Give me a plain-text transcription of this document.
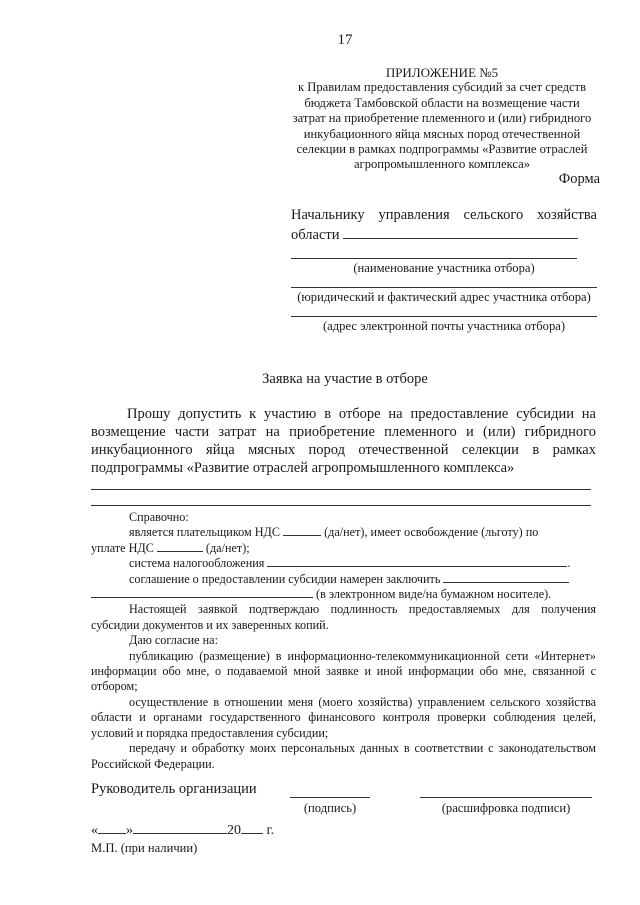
17
ПРИЛОЖЕНИЕ №5
к Правилам предоставления субсидий за счет средств
бюджета Тамбовской области на возмещение части
затрат на приобретение племенного и (или) гибридного
инкубационного яйца мясных пород отечественной
селекции в рамках подпрограммы «Развитие отраслей
агропромышленного комплекса»
Форма
Начальнику управления сельского хозяйства
области
(наименование участника отбора)
(юридический и фактический адрес участника отбора)
(адрес электронной почты участника отбора)
Заявка на участие в отборе
Прошу допустить к участию в отборе на предоставление субсидии на возмещение части затрат на приобретение племенного и (или) гибридного инкубационного яйца мясных пород отечественной селекции в рамках подпрограммы «Развитие отраслей агропромышленного комплекса»
Справочно:
является плательщиком НДС	(да/нет), имеет освобождение (льготу) по
уплате НДС	(да/нет);
система налогообложения	.
соглашение о предоставлении субсидии намерен заключить
(в электронном виде/на бумажном носителе).
Настоящей заявкой подтверждаю подлинность предоставляемых для получения субсидии документов и их заверенных копий.
Даю согласие на:
публикацию (размещение) в информационно-телекоммуникационной сети «Интернет» информации обо мне, о подаваемой мной заявке и иной информации обо мне, связанной с отбором;
осуществление в отношении меня (моего хозяйства) управлением сельского хозяйства области и органами государственного финансового контроля проверки соблюдения целей, условий и порядка предоставления субсидии;
передачу и обработку моих персональных данных в соответствии с законодательством Российской Федерации.
Руководитель организации
(подпись)	(расшифровка подписи)
« »	20 г.
М.П. (при наличии)
